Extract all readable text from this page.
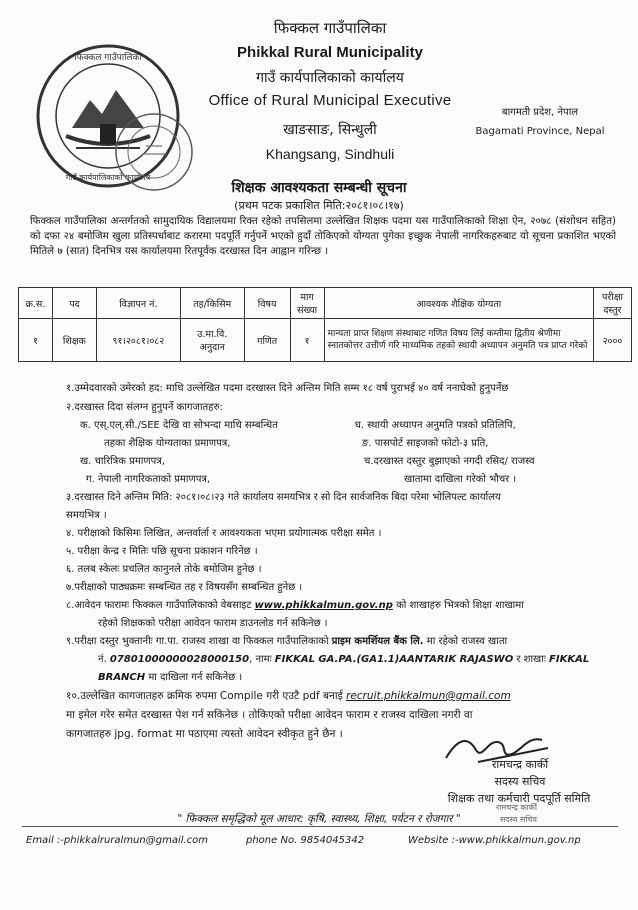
फिक्कल गाउँपालिका
गाउँ कार्यपालिकाको कार्यालय
फिक्कल गाउँपालिका
Phikkal Rural Municipality
गाउँ कार्यपालिकाको कार्यालय
Office of Rural Municipal Executive
खाङसाङ, सिन्धुली
Khangsang, Sindhuli
बागमती प्रदेश, नेपाल
Bagamati Province, Nepal
शिक्षक आवश्यकता सम्बन्धी सूचना
(प्रथम पटक प्रकाशित मिति:२०८१।०८।१७)
फिक्कल गाउँपालिका अन्तर्गतको सामुदायिक विद्यालयमा रिक्त रहेको तपसिलमा उल्लेखित शिक्षक पदमा यस गाउँपालिकाको शिक्षा ऐन, २०७८ (संशोधन सहित) को दफा २४ बमोजिम खुला प्रतिस्पर्धाबाट करारमा पदपूर्ति गर्नुपर्ने भएको हुदाँ तोकिएको योग्यता पुगेका इच्छुक नेपाली नागरिकहरुबाट यो सूचना प्रकाशित भएको मितिले ७ (सात) दिनभित्र यस कार्यालयमा रितपूर्वक दरखास्त दिन आह्वान गरिन्छ ।
क्र.स.	पद	विज्ञापन नं.	तह/किसिम	विषय	माग संख्या	आवश्यक शैक्षिक योग्यता	परीक्षा दस्तुर
१	शिक्षक	९१।२०८१।०८२	उ.मा.वि. अनुदान	गणित	१	मान्यता प्राप्त शिक्षण संस्थाबाट गणित विषय लिई कम्तीमा द्वितीय श्रेणीमा स्नातकोत्तर उत्तीर्ण गरि माध्यमिक तहको स्थायी अध्यापन अनुमति पत्र प्राप्त गरेको	२०००
१.उम्मेदवारको उमेरको हद: माथि उल्लेखित पदमा दरखास्त दिने अन्तिम मिति सम्म १८ वर्ष पुराभई ४० वर्ष ननाघेको हुनुपर्नेछ
२.दरखास्त दिदा संलग्न हुनुपर्ने कागजातहरु:
क. एस्.एल्.सी./SEE देखि वा सोभन्दा माथि सम्बन्धित
तहका शैक्षिक योग्यताका प्रमाणपत्र,
ख. चारित्रिक प्रमाणपत्र,
ग. नेपाली नागरिकताको प्रमाणपत्र,
घ. स्थायी अध्यापन अनुमति पत्रको प्रतिलिपि,
ङ. पासपोर्ट साइजको फोटो-३ प्रति,
च.दरखास्त दस्तुर बुझाएको नगदी रसिद/ राजस्व
खातामा दाखिला गरेको भौचर ।
३.दरखास्त दिने अन्तिम मिति: २०८१।०८।२३ गते कार्यालय समयभित्र र सो दिन सार्वजनिक बिदा परेमा भोलिपल्ट कार्यालय
समयभित्र ।
४. परीक्षाको किसिमः लिखित, अन्तर्वार्ता र आवश्यकता भएमा प्रयोगात्मक परीक्षा समेत ।
५. परीक्षा केन्द्र र मितिः पछि सूचना प्रकाशन गरिनेछ ।
६. तलब स्केलः प्रचलित कानुनले तोके बमोजिम हुनेछ ।
७.परीक्षाको पाठ्यक्रमः सम्बन्धित तह र विषयसँग सम्बन्धित हुनेछ ।
८.आवेदन फारामः फिक्कल गाउँपालिकाको वेबसाइट www.phikkalmun.gov.np को शाखाहरु भित्रको शिक्षा शाखामा
रहेको शिक्षककाे परीक्षा आवेदन फाराम डाउनलोड गर्न सकिनेछ ।
९.परीक्षा दस्तुर भुक्तानीः गा.पा. राजस्व शाखा वा फिक्कल गाउँपालिकाको प्राइम कमर्शियल बैंक लि. मा रहेको राजस्व खाता
नं. 07801000000028000150, नामः FIKKAL GA.PA.(GA1.1)AANTARIK RAJASWO र शाखाः FIKKAL
BRANCH मा दाखिला गर्न सकिनेछ ।
१०.उल्लेखित कागजातहरु क्रमिक रुपमा Compile गरी एउटै pdf बनाई recruit.phikkalmun@gmail.com
मा इमेल गरेर समेत दरखास्त पेश गर्न सकिनेछ । तोकिएको परीक्षा आवेदन फाराम र राजस्व दाखिला नगरी वा
कागजातहरु jpg. format मा पठाएमा त्यस्तो आवेदन स्वीकृत हुने छैन ।
रामचन्द्र कार्की
सदस्य सचिव
शिक्षक तथा कर्मचारी पदपूर्ति समिति
रामचन्द्र कार्की
सदस्य सचिव
" फिक्कल समृद्धिको मूल आधार: कृषि, स्वास्थ्य, शिक्षा, पर्यटन र रोजगार "
Email :-phikkalruralmun@gmail.com	phone No. 9854045342	Website :-www.phikkalmun.gov.np
